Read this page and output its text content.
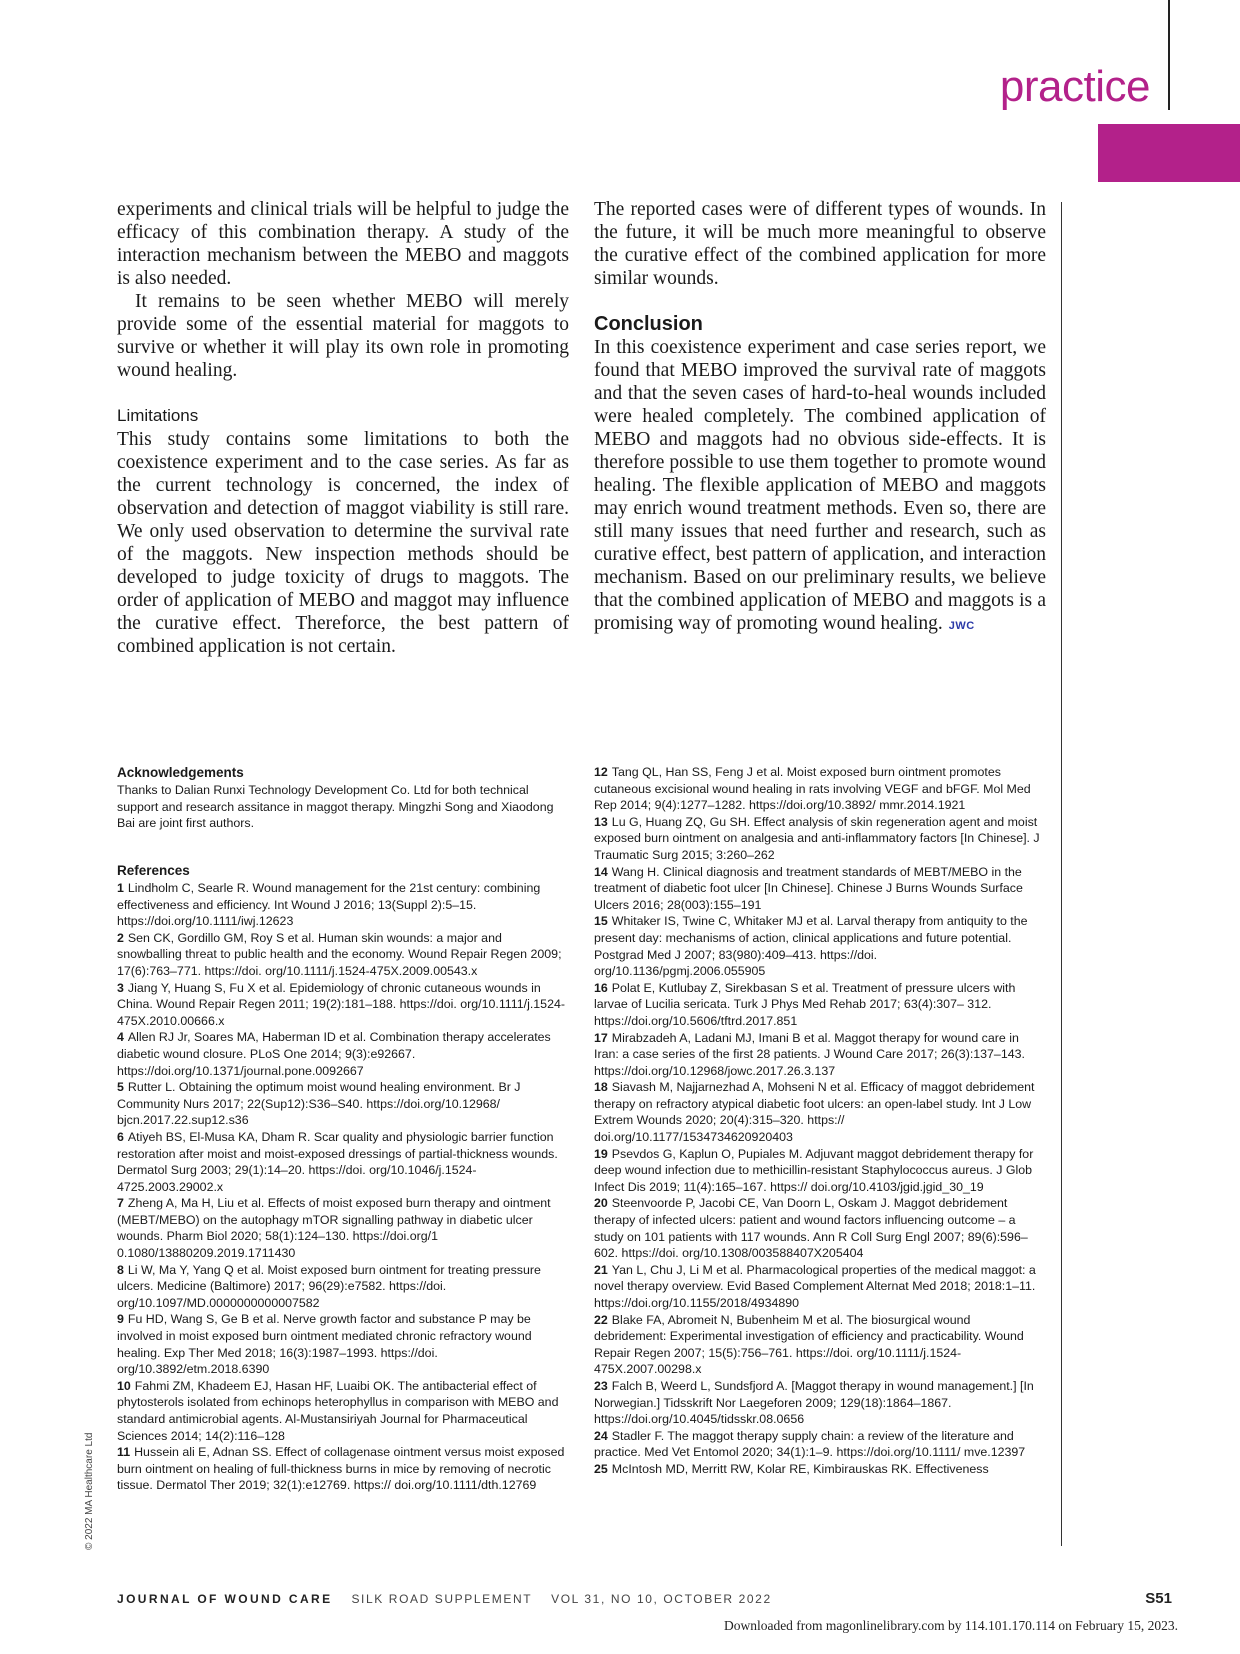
practice

experiments and clinical trials will be helpful to judge the efficacy of this combination therapy. A study of the interaction mechanism between the MEBO and maggots is also needed.

It remains to be seen whether MEBO will merely provide some of the essential material for maggots to survive or whether it will play its own role in promoting wound healing.

Limitations

This study contains some limitations to both the coexistence experiment and to the case series. As far as the current technology is concerned, the index of observation and detection of maggot viability is still rare. We only used observation to determine the survival rate of the maggots. New inspection methods should be developed to judge toxicity of drugs to maggots. The order of application of MEBO and maggot may influence the curative effect. Thereforce, the best pattern of combined application is not certain.

The reported cases were of different types of wounds. In the future, it will be much more meaningful to observe the curative effect of the combined application for more similar wounds.

Conclusion

In this coexistence experiment and case series report, we found that MEBO improved the survival rate of maggots and that the seven cases of hard-to-heal wounds included were healed completely. The combined application of MEBO and maggots had no obvious side-effects. It is therefore possible to use them together to promote wound healing. The flexible application of MEBO and maggots may enrich wound treatment methods. Even so, there are still many issues that need further and research, such as curative effect, best pattern of application, and interaction mechanism. Based on our preliminary results, we believe that the combined application of MEBO and maggots is a promising way of promoting wound healing. JWC

Acknowledgements

Thanks to Dalian Runxi Technology Development Co. Ltd for both technical support and research assitance in maggot therapy. Mingzhi Song and Xiaodong Bai are joint first authors.

References
1 Lindholm C, Searle R. Wound management for the 21st century: combining effectiveness and efficiency. Int Wound J 2016; 13(Suppl 2):5–15. https://doi.org/10.1111/iwj.12623
2 Sen CK, Gordillo GM, Roy S et al. Human skin wounds: a major and snowballing threat to public health and the economy. Wound Repair Regen 2009; 17(6):763–771. https://doi. org/10.1111/j.1524-475X.2009.00543.x
3 Jiang Y, Huang S, Fu X et al. Epidemiology of chronic cutaneous wounds in China. Wound Repair Regen 2011; 19(2):181–188. https://doi. org/10.1111/j.1524-475X.2010.00666.x
4 Allen RJ Jr, Soares MA, Haberman ID et al. Combination therapy accelerates diabetic wound closure. PLoS One 2014; 9(3):e92667. https://doi.org/10.1371/journal.pone.0092667
5 Rutter L. Obtaining the optimum moist wound healing environment. Br J Community Nurs 2017; 22(Sup12):S36–S40. https://doi.org/10.12968/ bjcn.2017.22.sup12.s36
6 Atiyeh BS, El-Musa KA, Dham R. Scar quality and physiologic barrier function restoration after moist and moist-exposed dressings of partial-thickness wounds. Dermatol Surg 2003; 29(1):14–20. https://doi. org/10.1046/j.1524-4725.2003.29002.x
7 Zheng A, Ma H, Liu et al. Effects of moist exposed burn therapy and ointment (MEBT/MEBO) on the autophagy mTOR signalling pathway in diabetic ulcer wounds. Pharm Biol 2020; 58(1):124–130. https://doi.org/1 0.1080/13880209.2019.1711430
8 Li W, Ma Y, Yang Q et al. Moist exposed burn ointment for treating pressure ulcers. Medicine (Baltimore) 2017; 96(29):e7582. https://doi. org/10.1097/MD.0000000000007582
9 Fu HD, Wang S, Ge B et al. Nerve growth factor and substance P may be involved in moist exposed burn ointment mediated chronic refractory wound healing. Exp Ther Med 2018; 16(3):1987–1993. https://doi. org/10.3892/etm.2018.6390
10 Fahmi ZM, Khadeem EJ, Hasan HF, Luaibi OK. The antibacterial effect of phytosterols isolated from echinops heterophyllus in comparison with MEBO and standard antimicrobial agents. Al-Mustansiriyah Journal for Pharmaceutical Sciences 2014; 14(2):116–128
11 Hussein ali E, Adnan SS. Effect of collagenase ointment versus moist exposed burn ointment on healing of full-thickness burns in mice by removing of necrotic tissue. Dermatol Ther 2019; 32(1):e12769. https:// doi.org/10.1111/dth.12769
12 Tang QL, Han SS, Feng J et al. Moist exposed burn ointment promotes cutaneous excisional wound healing in rats involving VEGF and bFGF. Mol Med Rep 2014; 9(4):1277–1282. https://doi.org/10.3892/ mmr.2014.1921
13 Lu G, Huang ZQ, Gu SH. Effect analysis of skin regeneration agent and moist exposed burn ointment on analgesia and anti-inflammatory factors [In Chinese]. J Traumatic Surg 2015; 3:260–262
14 Wang H. Clinical diagnosis and treatment standards of MEBT/MEBO in the treatment of diabetic foot ulcer [In Chinese]. Chinese J Burns Wounds Surface Ulcers 2016; 28(003):155–191
15 Whitaker IS, Twine C, Whitaker MJ et al. Larval therapy from antiquity to the present day: mechanisms of action, clinical applications and future potential. Postgrad Med J 2007; 83(980):409–413. https://doi. org/10.1136/pgmj.2006.055905
16 Polat E, Kutlubay Z, Sirekbasan S et al. Treatment of pressure ulcers with larvae of Lucilia sericata. Turk J Phys Med Rehab 2017; 63(4):307– 312. https://doi.org/10.5606/tftrd.2017.851
17 Mirabzadeh A, Ladani MJ, Imani B et al. Maggot therapy for wound care in Iran: a case series of the first 28 patients. J Wound Care 2017; 26(3):137–143. https://doi.org/10.12968/jowc.2017.26.3.137
18 Siavash M, Najjarnezhad A, Mohseni N et al. Efficacy of maggot debridement therapy on refractory atypical diabetic foot ulcers: an open-label study. Int J Low Extrem Wounds 2020; 20(4):315–320. https:// doi.org/10.1177/1534734620920403
19 Psevdos G, Kaplun O, Pupiales M. Adjuvant maggot debridement therapy for deep wound infection due to methicillin-resistant Staphylococcus aureus. J Glob Infect Dis 2019; 11(4):165–167. https:// doi.org/10.4103/jgid.jgid_30_19
20 Steenvoorde P, Jacobi CE, Van Doorn L, Oskam J. Maggot debridement therapy of infected ulcers: patient and wound factors influencing outcome – a study on 101 patients with 117 wounds. Ann R Coll Surg Engl 2007; 89(6):596–602. https://doi. org/10.1308/003588407X205404
21 Yan L, Chu J, Li M et al. Pharmacological properties of the medical maggot: a novel therapy overview. Evid Based Complement Alternat Med 2018; 2018:1–11. https://doi.org/10.1155/2018/4934890
22 Blake FA, Abromeit N, Bubenheim M et al. The biosurgical wound debridement: Experimental investigation of efficiency and practicability. Wound Repair Regen 2007; 15(5):756–761. https://doi. org/10.1111/j.1524-475X.2007.00298.x
23 Falch B, Weerd L, Sundsfjord A. [Maggot therapy in wound management.] [In Norwegian.] Tidsskrift Nor Laegeforen 2009; 129(18):1864–1867. https://doi.org/10.4045/tidsskr.08.0656
24 Stadler F. The maggot therapy supply chain: a review of the literature and practice. Med Vet Entomol 2020; 34(1):1–9. https://doi.org/10.1111/ mve.12397
25 McIntosh MD, Merritt RW, Kolar RE, Kimbirauskas RK. Effectiveness
© 2022 MA Healthcare Ltd
JOURNAL OF WOUND CARE SILK ROAD SUPPLEMENT VOL 31, NO 10, OCTOBER 2022	S51
Downloaded from magonlinelibrary.com by 114.101.170.114 on February 15, 2023.
